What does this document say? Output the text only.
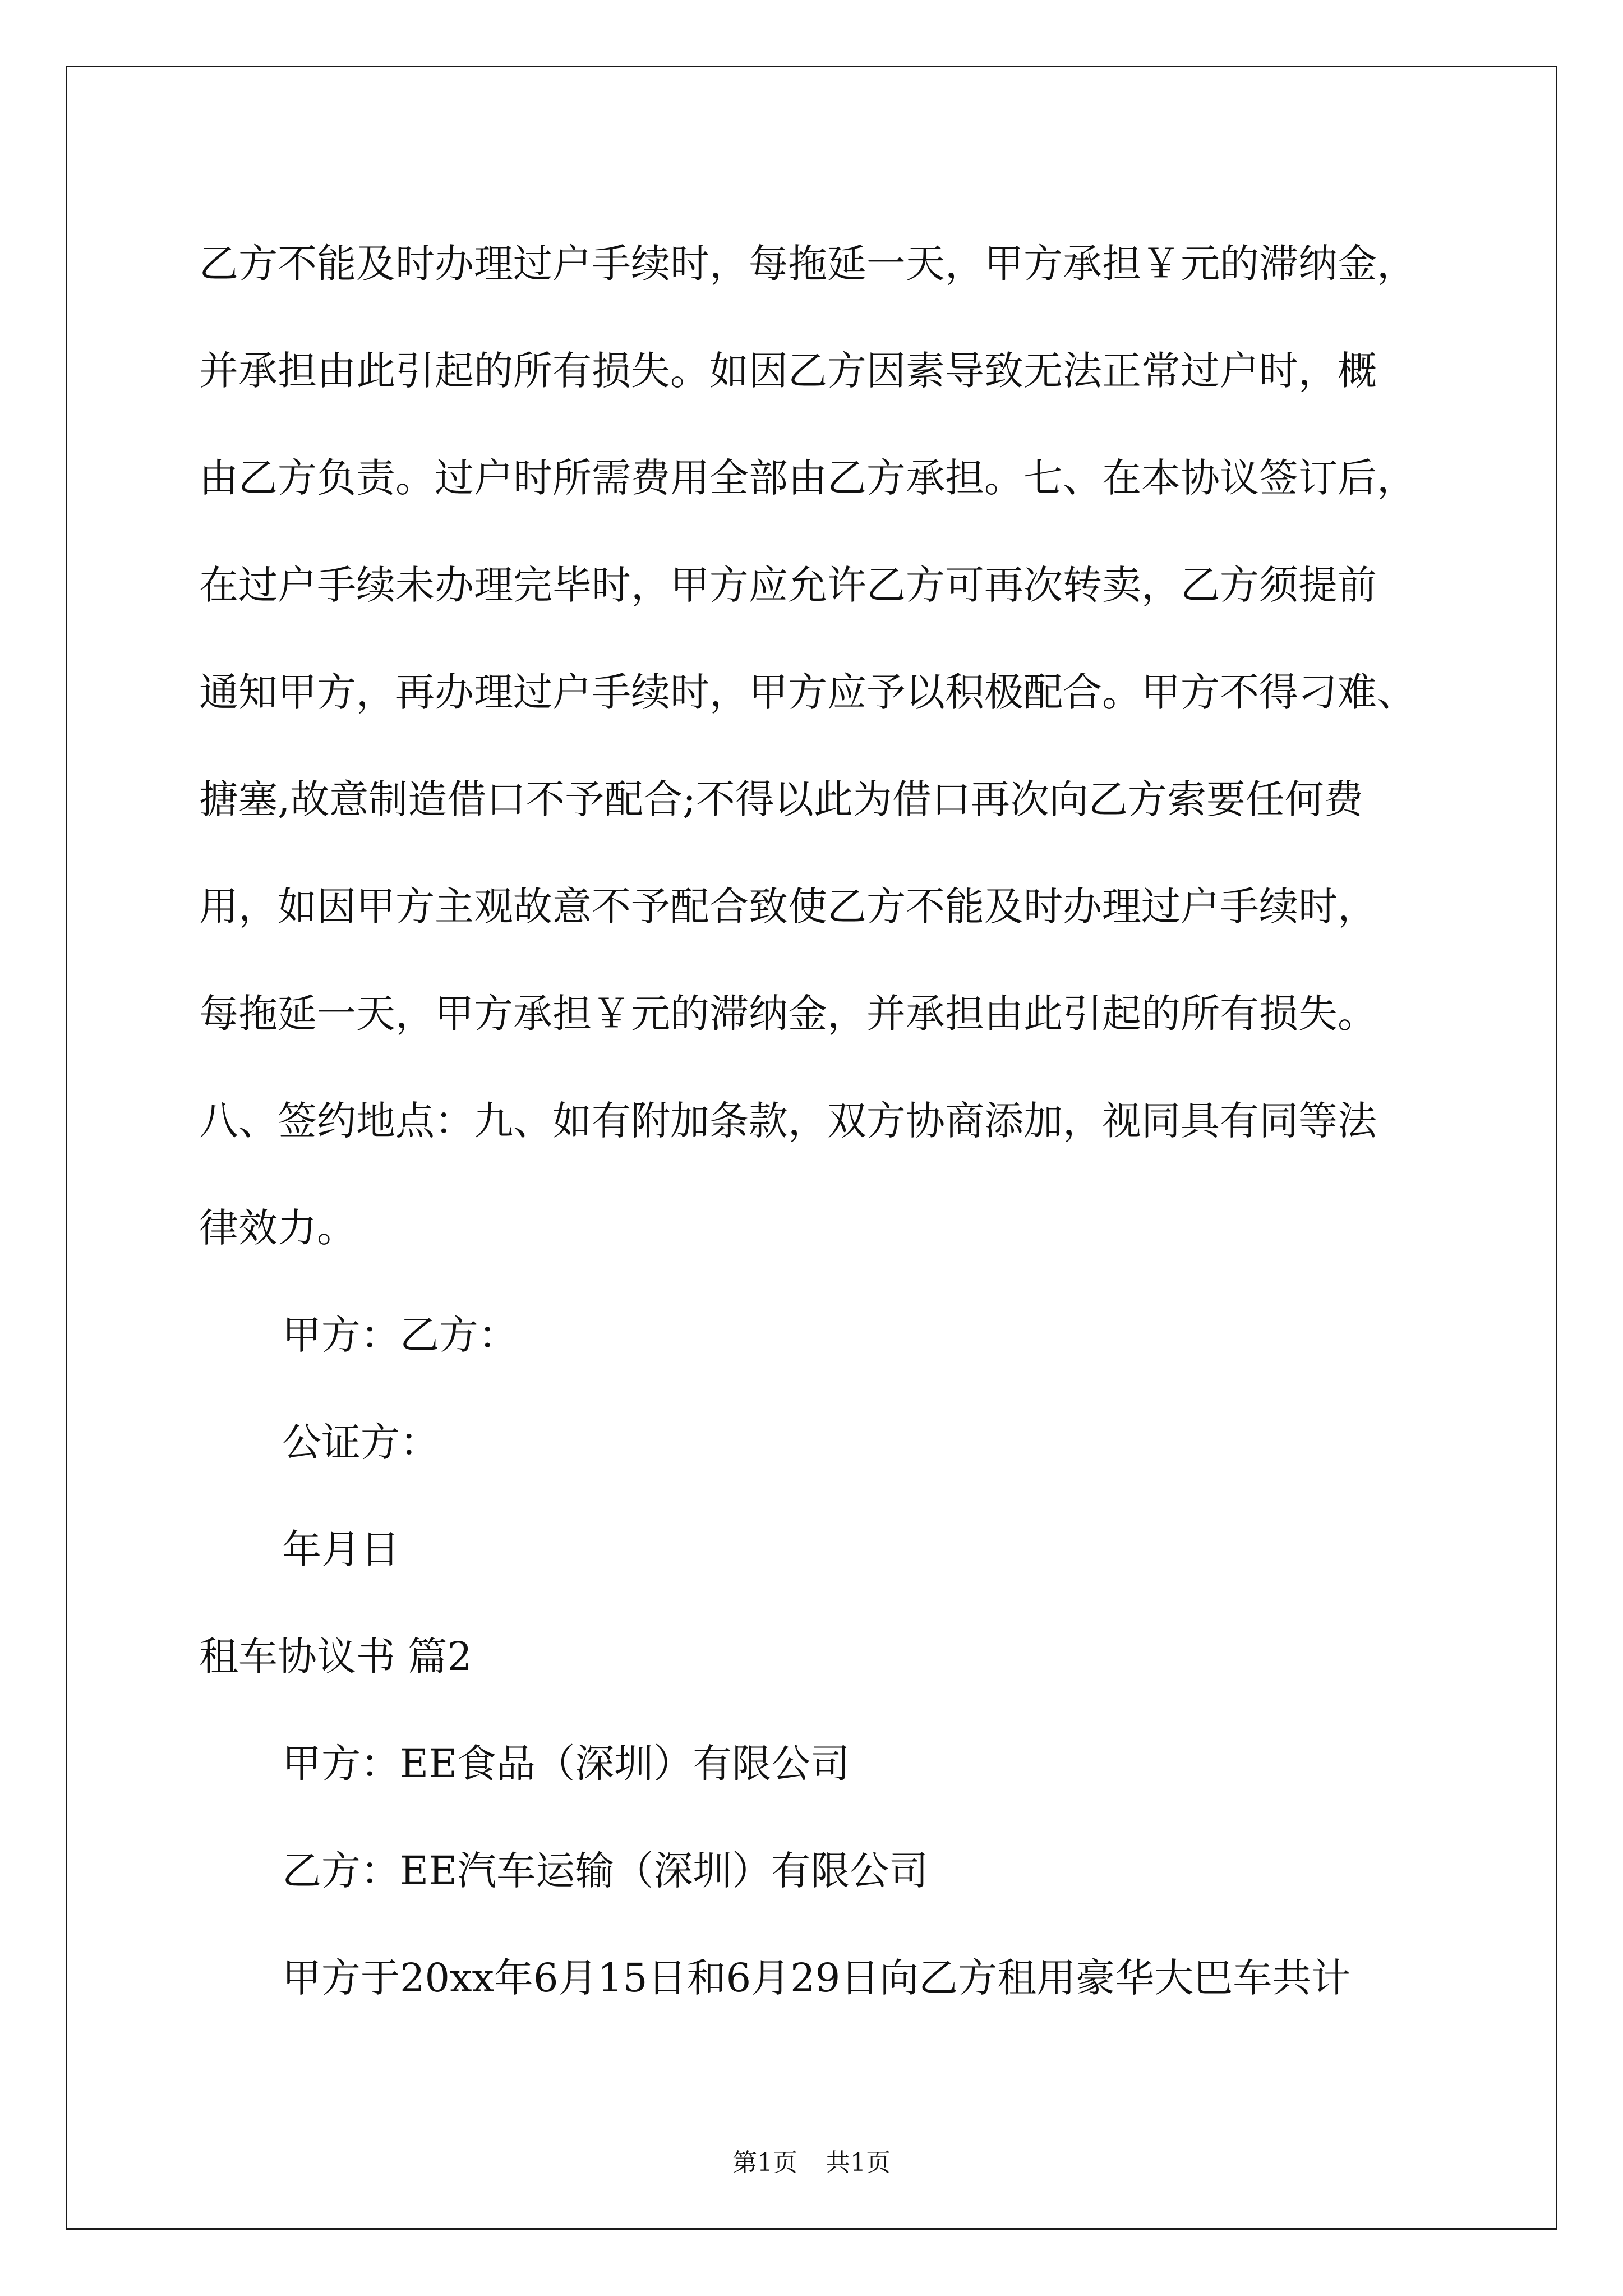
乙方不能及时办理过户手续时，每拖延一天，甲方承担￥元的滞纳金，

并承担由此引起的所有损失。如因乙方因素导致无法正常过户时，概

由乙方负责。过户时所需费用全部由乙方承担。七、在本协议签订后，

在过户手续未办理完毕时，甲方应允许乙方可再次转卖，乙方须提前

通知甲方，再办理过户手续时，甲方应予以积极配合。甲方不得刁难、

搪塞,故意制造借口不予配合;不得以此为借口再次向乙方索要任何费

用，如因甲方主观故意不予配合致使乙方不能及时办理过户手续时，

每拖延一天，甲方承担￥元的滞纳金，并承担由此引起的所有损失。

八、签约地点：九、如有附加条款，双方协商添加，视同具有同等法

律效力。

甲方：乙方：

公证方：

年月日

租车协议书 篇2

甲方：EE食品（深圳）有限公司

乙方：EE汽车运输（深圳）有限公司

甲方于20xx年6月15日和6月29日向乙方租用豪华大巴车共计

第1页 共1页
